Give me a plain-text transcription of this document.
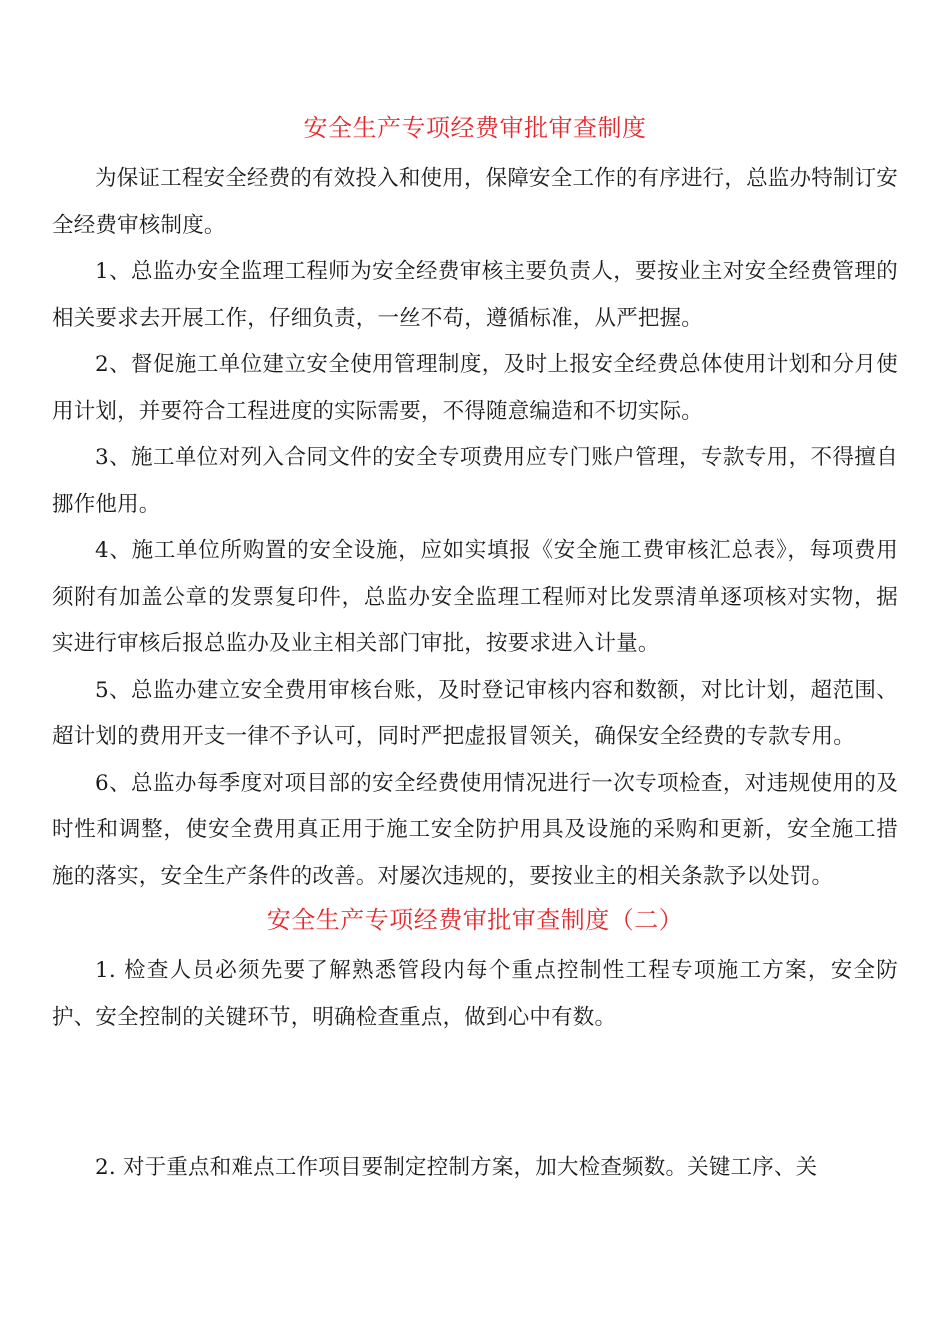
安全生产专项经费审批审查制度

为保证工程安全经费的有效投入和使用，保障安全工作的有序进行，总监办特制订安全经费审核制度。

1、总监办安全监理工程师为安全经费审核主要负责人，要按业主对安全经费管理的相关要求去开展工作，仔细负责，一丝不苟，遵循标准，从严把握。

2、督促施工单位建立安全使用管理制度，及时上报安全经费总体使用计划和分月使用计划，并要符合工程进度的实际需要，不得随意编造和不切实际。

3、施工单位对列入合同文件的安全专项费用应专门账户管理，专款专用，不得擅自挪作他用。

4、施工单位所购置的安全设施，应如实填报《安全施工费审核汇总表》，每项费用须附有加盖公章的发票复印件，总监办安全监理工程师对比发票清单逐项核对实物，据实进行审核后报总监办及业主相关部门审批，按要求进入计量。

5、总监办建立安全费用审核台账，及时登记审核内容和数额，对比计划，超范围、超计划的费用开支一律不予认可，同时严把虚报冒领关，确保安全经费的专款专用。

6、总监办每季度对项目部的安全经费使用情况进行一次专项检查，对违规使用的及时性和调整，使安全费用真正用于施工安全防护用具及设施的采购和更新，安全施工措施的落实，安全生产条件的改善。对屡次违规的，要按业主的相关条款予以处罚。

安全生产专项经费审批审查制度（二）

1. 检查人员必须先要了解熟悉管段内每个重点控制性工程专项施工方案，安全防护、安全控制的关键环节，明确检查重点，做到心中有数。

2. 对于重点和难点工作项目要制定控制方案，加大检查频数。关键工序、关
